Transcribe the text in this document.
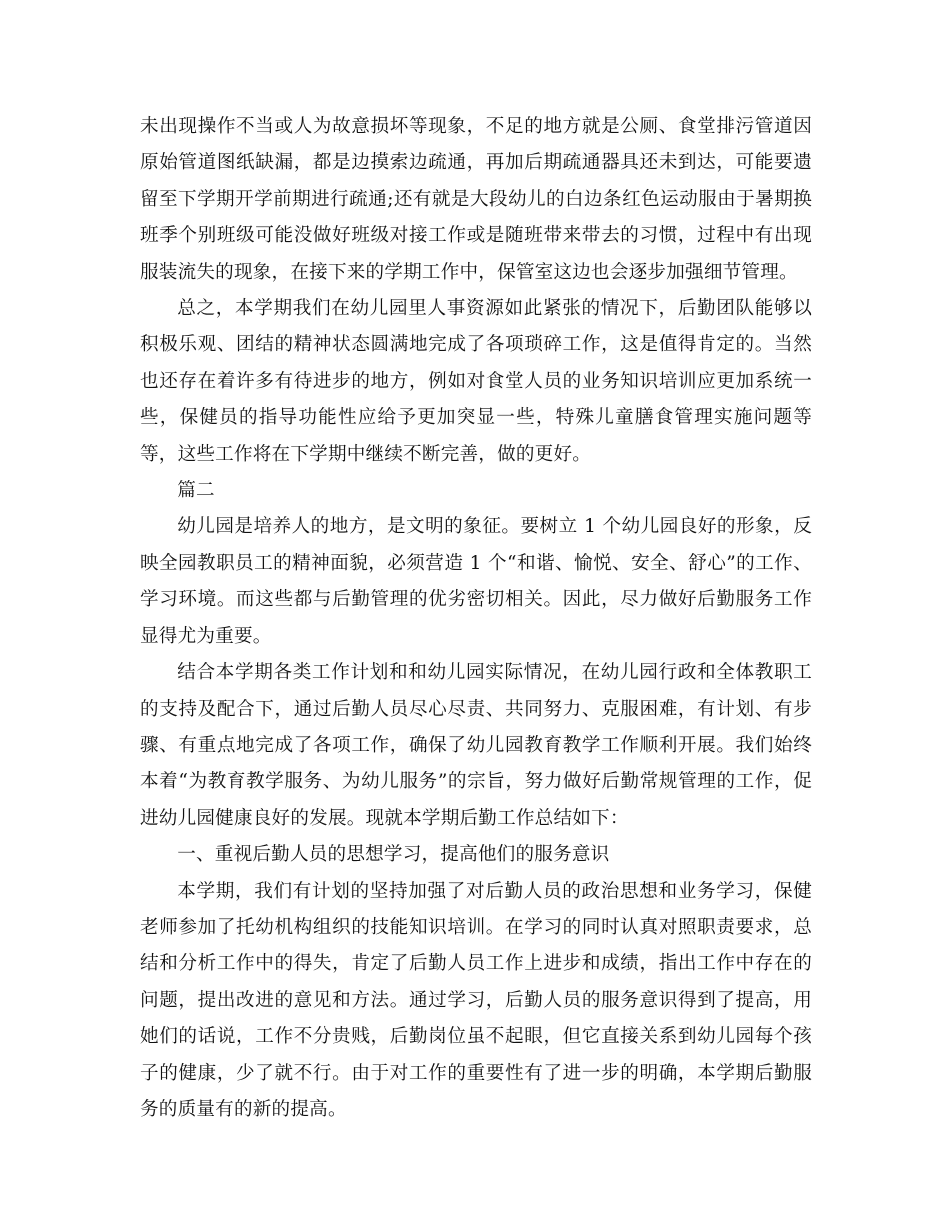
未出现操作不当或人为故意损坏等现象，不足的地方就是公厕、食堂排污管道因原始管道图纸缺漏，都是边摸索边疏通，再加后期疏通器具还未到达，可能要遗留至下学期开学前期进行疏通;还有就是大段幼儿的白边条红色运动服由于暑期换班季个别班级可能没做好班级对接工作或是随班带来带去的习惯，过程中有出现服装流失的现象，在接下来的学期工作中，保管室这边也会逐步加强细节管理。

总之，本学期我们在幼儿园里人事资源如此紧张的情况下，后勤团队能够以积极乐观、团结的精神状态圆满地完成了各项琐碎工作，这是值得肯定的。当然也还存在着许多有待进步的地方，例如对食堂人员的业务知识培训应更加系统一些，保健员的指导功能性应给予更加突显一些，特殊儿童膳食管理实施问题等等，这些工作将在下学期中继续不断完善，做的更好。

篇二

幼儿园是培养人的地方，是文明的象征。要树立 1 个幼儿园良好的形象，反映全园教职员工的精神面貌，必须营造 1 个“和谐、愉悦、安全、舒心”的工作、学习环境。而这些都与后勤管理的优劣密切相关。因此，尽力做好后勤服务工作显得尤为重要。

结合本学期各类工作计划和和幼儿园实际情况，在幼儿园行政和全体教职工的支持及配合下，通过后勤人员尽心尽责、共同努力、克服困难，有计划、有步骤、有重点地完成了各项工作，确保了幼儿园教育教学工作顺利开展。我们始终本着“为教育教学服务、为幼儿服务”的宗旨，努力做好后勤常规管理的工作，促进幼儿园健康良好的发展。现就本学期后勤工作总结如下：

一、重视后勤人员的思想学习，提高他们的服务意识

本学期，我们有计划的坚持加强了对后勤人员的政治思想和业务学习，保健老师参加了托幼机构组织的技能知识培训。在学习的同时认真对照职责要求，总结和分析工作中的得失，肯定了后勤人员工作上进步和成绩，指出工作中存在的问题，提出改进的意见和方法。通过学习，后勤人员的服务意识得到了提高，用她们的话说，工作不分贵贱，后勤岗位虽不起眼，但它直接关系到幼儿园每个孩子的健康，少了就不行。由于对工作的重要性有了进一步的明确，本学期后勤服务的质量有的新的提高。
